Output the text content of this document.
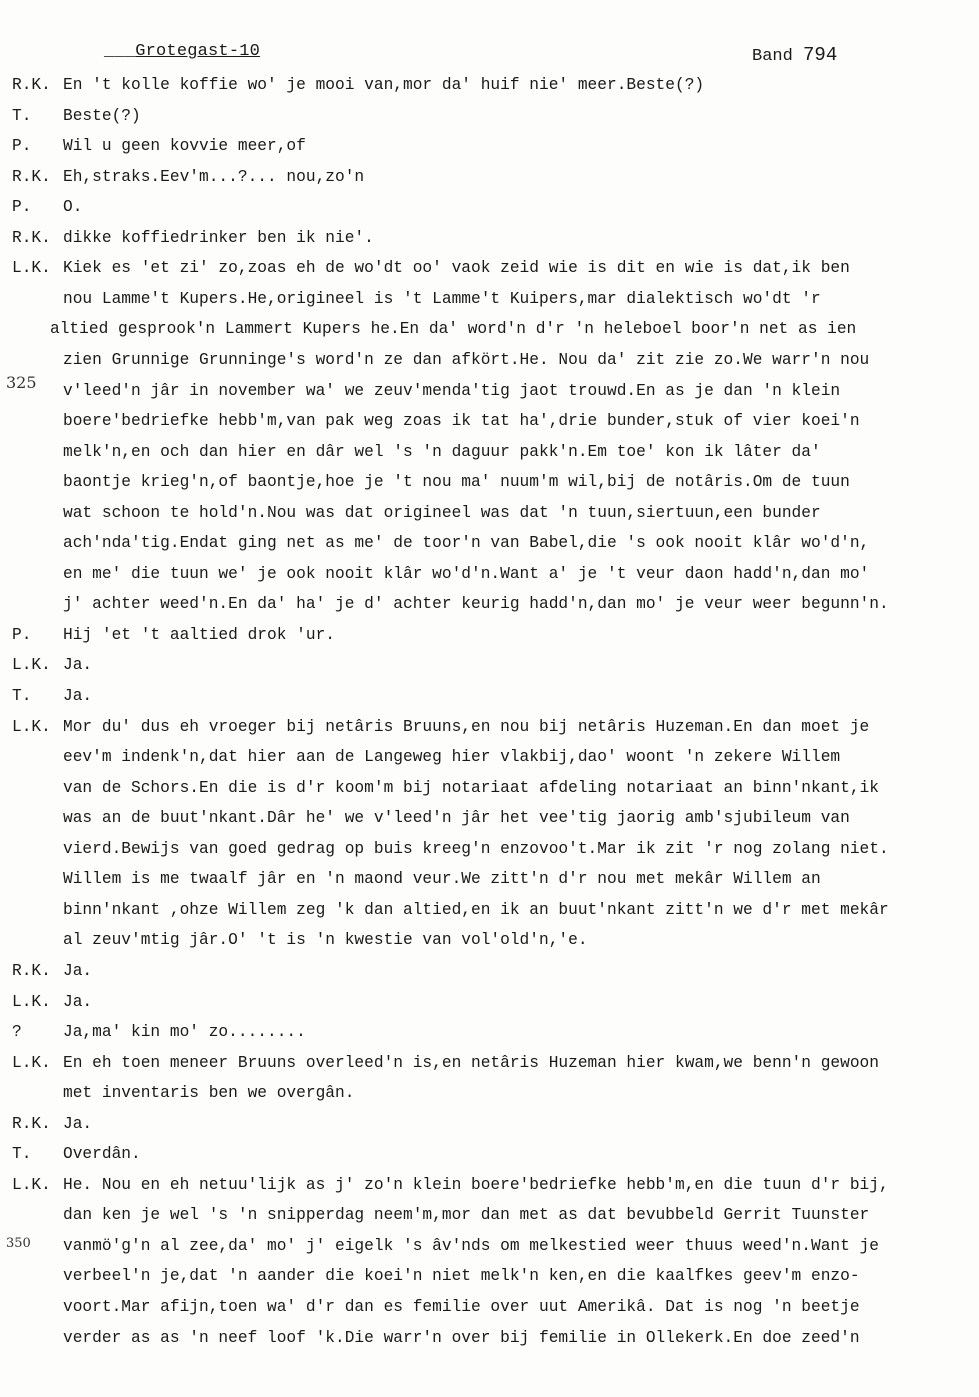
___Grotegast-10	Band 794
325
350
R.K. En 't kolle koffie wo' je mooi van,mor da' huif nie' meer.Beste(?)
T. Beste(?)
P. Wil u geen kovvie meer,of
R.K. Eh,straks.Eev'm...?... nou,zo'n
P. O.
R.K. dikke koffiedrinker ben ik nie'.
L.K. Kiek es 'et zi' zo,zoas eh de wo'dt oo' vaok zeid wie is dit en wie is dat,ik ben
nou Lamme't Kupers.He,origineel is 't Lamme't Kuipers,mar dialektisch wo'dt 'r
altied gesprook'n Lammert Kupers he.En da' word'n d'r 'n heleboel boor'n net as ien
zien Grunnige Grunninge's word'n ze dan afkört.He. Nou da' zit zie zo.We warr'n nou
v'leed'n jâr in november wa' we zeuv'menda'tig jaot trouwd.En as je dan 'n klein
boere'bedriefke hebb'm,van pak weg zoas ik tat ha',drie bunder,stuk of vier koei'n
melk'n,en och dan hier en dâr wel 's 'n daguur pakk'n.Em toe' kon ik lâter da'
baontje krieg'n,of baontje,hoe je 't nou ma' nuum'm wil,bij de notâris.Om de tuun
wat schoon te hold'n.Nou was dat origineel was dat 'n tuun,siertuun,een bunder
ach'nda'tig.Endat ging net as me' de toor'n van Babel,die 's ook nooit klâr wo'd'n,
en me' die tuun we' je ook nooit klâr wo'd'n.Want a' je 't veur daon hadd'n,dan mo'
j' achter weed'n.En da' ha' je d' achter keurig hadd'n,dan mo' je veur weer begunn'n.
P. Hij 'et 't aaltied drok 'ur.
L.K. Ja.
T. Ja.
L.K. Mor du' dus eh vroeger bij netâris Bruuns,en nou bij netâris Huzeman.En dan moet je
eev'm indenk'n,dat hier aan de Langeweg hier vlakbij,dao' woont 'n zekere Willem
van de Schors.En die is d'r koom'm bij notariaat afdeling notariaat an binn'nkant,ik
was an de buut'nkant.Dâr he' we v'leed'n jâr het vee'tig jaorig amb'sjubileum van
vierd.Bewijs van goed gedrag op buis kreeg'n enzovoo't.Mar ik zit 'r nog zolang niet.
Willem is me twaalf jâr en 'n maond veur.We zitt'n d'r nou met mekâr Willem an
binn'nkant ,ohze Willem zeg 'k dan altied,en ik an buut'nkant zitt'n we d'r met mekâr
al zeuv'mtig jâr.O' 't is 'n kwestie van vol'old'n,'e.
R.K. Ja.
L.K. Ja.
?	Ja,ma' kin mo' zo........
L.K. En eh toen meneer Bruuns overleed'n is,en netâris Huzeman hier kwam,we benn'n gewoon
met inventaris ben we overgân.
R.K. Ja.
T. Overdân.
L.K. He. Nou en eh netuu'lijk as j' zo'n klein boere'bedriefke hebb'm,en die tuun d'r bij,
dan ken je wel 's 'n snipperdag neem'm,mor dan met as dat bevubbeld Gerrit Tuunster
vanmö'g'n al zee,da' mo' j' eigelk 's âv'nds om melkestied weer thuus weed'n.Want je
verbeel'n je,dat 'n aander die koei'n niet melk'n ken,en die kaalfkes geev'm enzo-
voort.Mar afijn,toen wa' d'r dan es femilie over uut Amerikâ. Dat is nog 'n beetje
verder as as 'n neef loof 'k.Die warr'n over bij femilie in Ollekerk.En doe zeed'n
